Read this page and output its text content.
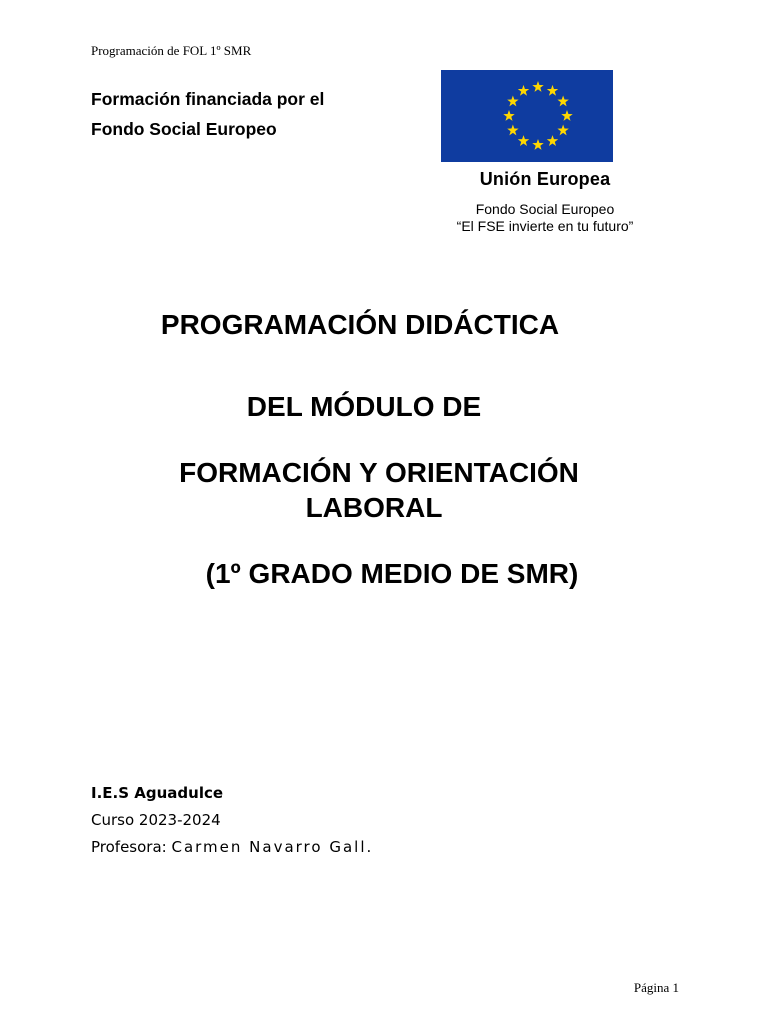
Programación de FOL 1º SMR
Formación financiada por el
Fondo Social Europeo
Unión Europea
Fondo Social Europeo
“El FSE invierte en tu futuro”
PROGRAMACIÓN DIDÁCTICA
DEL MÓDULO DE
FORMACIÓN Y ORIENTACIÓN
LABORAL
(1º GRADO MEDIO DE SMR)
I.E.S Aguadulce
Curso 2023-2024
Profesora: Carmen Navarro Gall.
Página 1
